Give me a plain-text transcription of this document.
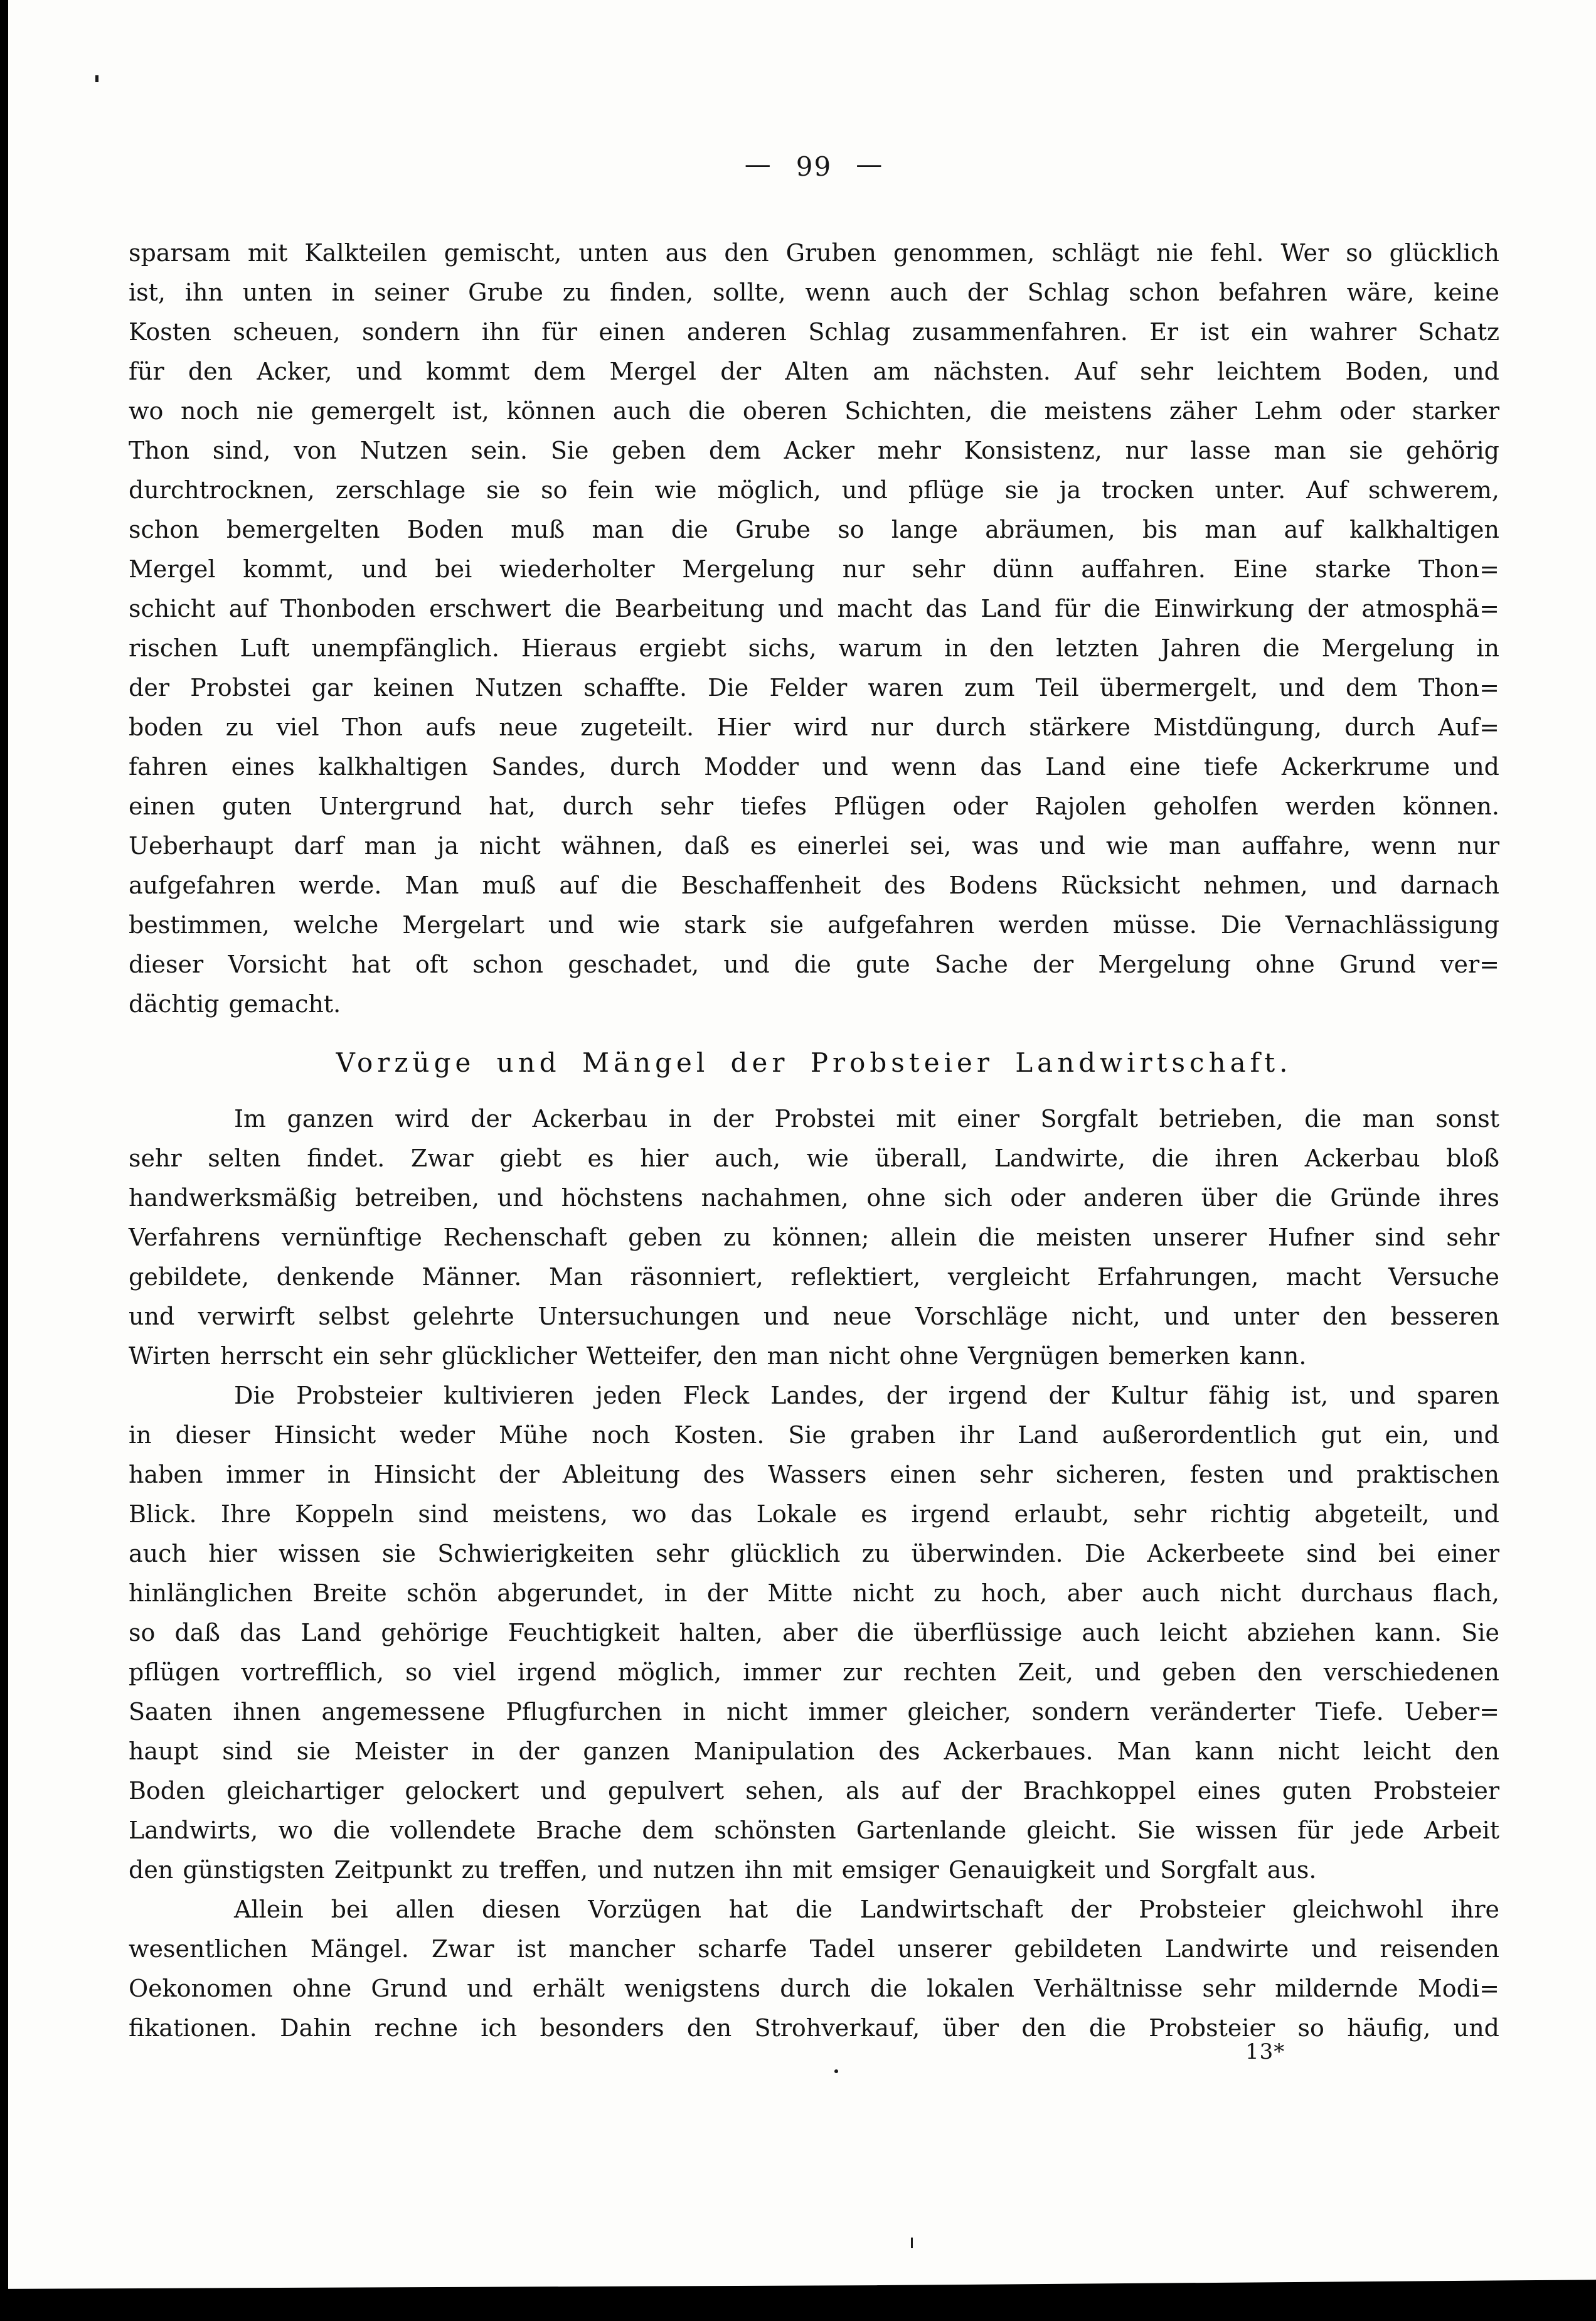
— 99 —
sparsam mit Kalkteilen gemischt, unten aus den Gruben genommen, schlägt nie fehl. Wer so glücklich
ist, ihn unten in seiner Grube zu finden, sollte, wenn auch der Schlag schon befahren wäre, keine
Kosten scheuen, sondern ihn für einen anderen Schlag zusammenfahren. Er ist ein wahrer Schatz
für den Acker, und kommt dem Mergel der Alten am nächsten. Auf sehr leichtem Boden, und
wo noch nie gemergelt ist, können auch die oberen Schichten, die meistens zäher Lehm oder starker
Thon sind, von Nutzen sein. Sie geben dem Acker mehr Konsistenz, nur lasse man sie gehörig
durchtrocknen, zerschlage sie so fein wie möglich, und pflüge sie ja trocken unter. Auf schwerem,
schon bemergelten Boden muß man die Grube so lange abräumen, bis man auf kalkhaltigen
Mergel kommt, und bei wiederholter Mergelung nur sehr dünn auffahren. Eine starke Thon=
schicht auf Thonboden erschwert die Bearbeitung und macht das Land für die Einwirkung der atmosphä=
rischen Luft unempfänglich. Hieraus ergiebt sichs, warum in den letzten Jahren die Mergelung in
der Probstei gar keinen Nutzen schaffte. Die Felder waren zum Teil übermergelt, und dem Thon=
boden zu viel Thon aufs neue zugeteilt. Hier wird nur durch stärkere Mistdüngung, durch Auf=
fahren eines kalkhaltigen Sandes, durch Modder und wenn das Land eine tiefe Ackerkrume und
einen guten Untergrund hat, durch sehr tiefes Pflügen oder Rajolen geholfen werden können.
Ueberhaupt darf man ja nicht wähnen, daß es einerlei sei, was und wie man auffahre, wenn nur
aufgefahren werde. Man muß auf die Beschaffenheit des Bodens Rücksicht nehmen, und darnach
bestimmen, welche Mergelart und wie stark sie aufgefahren werden müsse. Die Vernachlässigung
dieser Vorsicht hat oft schon geschadet, und die gute Sache der Mergelung ohne Grund ver=
dächtig gemacht.
Vorzüge und Mängel der Probsteier Landwirtschaft.
Im ganzen wird der Ackerbau in der Probstei mit einer Sorgfalt betrieben, die man sonst
sehr selten findet. Zwar giebt es hier auch, wie überall, Landwirte, die ihren Ackerbau bloß
handwerksmäßig betreiben, und höchstens nachahmen, ohne sich oder anderen über die Gründe ihres
Verfahrens vernünftige Rechenschaft geben zu können; allein die meisten unserer Hufner sind sehr
gebildete, denkende Männer. Man räsonniert, reflektiert, vergleicht Erfahrungen, macht Versuche
und verwirft selbst gelehrte Untersuchungen und neue Vorschläge nicht, und unter den besseren
Wirten herrscht ein sehr glücklicher Wetteifer, den man nicht ohne Vergnügen bemerken kann.
Die Probsteier kultivieren jeden Fleck Landes, der irgend der Kultur fähig ist, und sparen
in dieser Hinsicht weder Mühe noch Kosten. Sie graben ihr Land außerordentlich gut ein, und
haben immer in Hinsicht der Ableitung des Wassers einen sehr sicheren, festen und praktischen
Blick. Ihre Koppeln sind meistens, wo das Lokale es irgend erlaubt, sehr richtig abgeteilt, und
auch hier wissen sie Schwierigkeiten sehr glücklich zu überwinden. Die Ackerbeete sind bei einer
hinlänglichen Breite schön abgerundet, in der Mitte nicht zu hoch, aber auch nicht durchaus flach,
so daß das Land gehörige Feuchtigkeit halten, aber die überflüssige auch leicht abziehen kann. Sie
pflügen vortrefflich, so viel irgend möglich, immer zur rechten Zeit, und geben den verschiedenen
Saaten ihnen angemessene Pflugfurchen in nicht immer gleicher, sondern veränderter Tiefe. Ueber=
haupt sind sie Meister in der ganzen Manipulation des Ackerbaues. Man kann nicht leicht den
Boden gleichartiger gelockert und gepulvert sehen, als auf der Brachkoppel eines guten Probsteier
Landwirts, wo die vollendete Brache dem schönsten Gartenlande gleicht. Sie wissen für jede Arbeit
den günstigsten Zeitpunkt zu treffen, und nutzen ihn mit emsiger Genauigkeit und Sorgfalt aus.
Allein bei allen diesen Vorzügen hat die Landwirtschaft der Probsteier gleichwohl ihre
wesentlichen Mängel. Zwar ist mancher scharfe Tadel unserer gebildeten Landwirte und reisenden
Oekonomen ohne Grund und erhält wenigstens durch die lokalen Verhältnisse sehr mildernde Modi=
fikationen. Dahin rechne ich besonders den Strohverkauf, über den die Probsteier so häufig, und
13*
